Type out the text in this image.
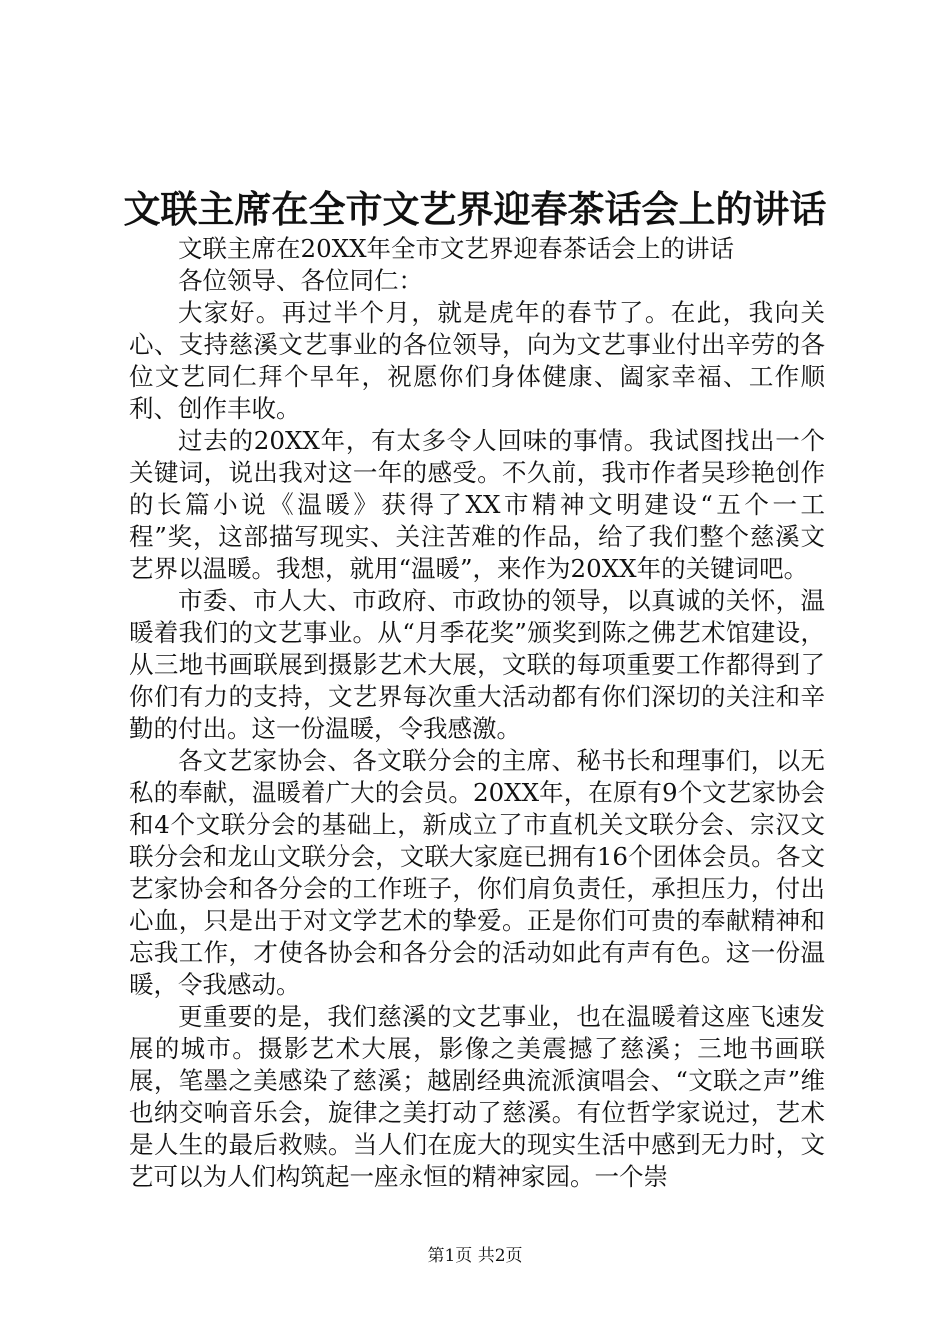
文联主席在全市文艺界迎春茶话会上的讲话

文联主席在20XX年全市文艺界迎春茶话会上的讲话

各位领导、各位同仁：

大家好。再过半个月，就是虎年的春节了。在此，我向关心、支持慈溪文艺事业的各位领导，向为文艺事业付出辛劳的各位文艺同仁拜个早年，祝愿你们身体健康、阖家幸福、工作顺利、创作丰收。

过去的20XX年，有太多令人回味的事情。我试图找出一个关键词，说出我对这一年的感受。不久前，我市作者吴珍艳创作的长篇小说《温暖》获得了XX市精神文明建设“五个一工程”奖，这部描写现实、关注苦难的作品，给了我们整个慈溪文艺界以温暖。我想，就用“温暖”，来作为20XX年的关键词吧。

市委、市人大、市政府、市政协的领导，以真诚的关怀，温暖着我们的文艺事业。从“月季花奖”颁奖到陈之佛艺术馆建设，从三地书画联展到摄影艺术大展，文联的每项重要工作都得到了你们有力的支持，文艺界每次重大活动都有你们深切的关注和辛勤的付出。这一份温暖，令我感激。

各文艺家协会、各文联分会的主席、秘书长和理事们，以无私的奉献，温暖着广大的会员。20XX年，在原有9个文艺家协会和4个文联分会的基础上，新成立了市直机关文联分会、宗汉文联分会和龙山文联分会，文联大家庭已拥有16个团体会员。各文艺家协会和各分会的工作班子，你们肩负责任，承担压力，付出心血，只是出于对文学艺术的挚爱。正是你们可贵的奉献精神和忘我工作，才使各协会和各分会的活动如此有声有色。这一份温暖，令我感动。

更重要的是，我们慈溪的文艺事业，也在温暖着这座飞速发展的城市。摄影艺术大展，影像之美震撼了慈溪；三地书画联展，笔墨之美感染了慈溪；越剧经典流派演唱会、“文联之声”维也纳交响音乐会，旋律之美打动了慈溪。有位哲学家说过，艺术是人生的最后救赎。当人们在庞大的现实生活中感到无力时，文艺可以为人们构筑起一座永恒的精神家园。一个崇

第1页 共2页
